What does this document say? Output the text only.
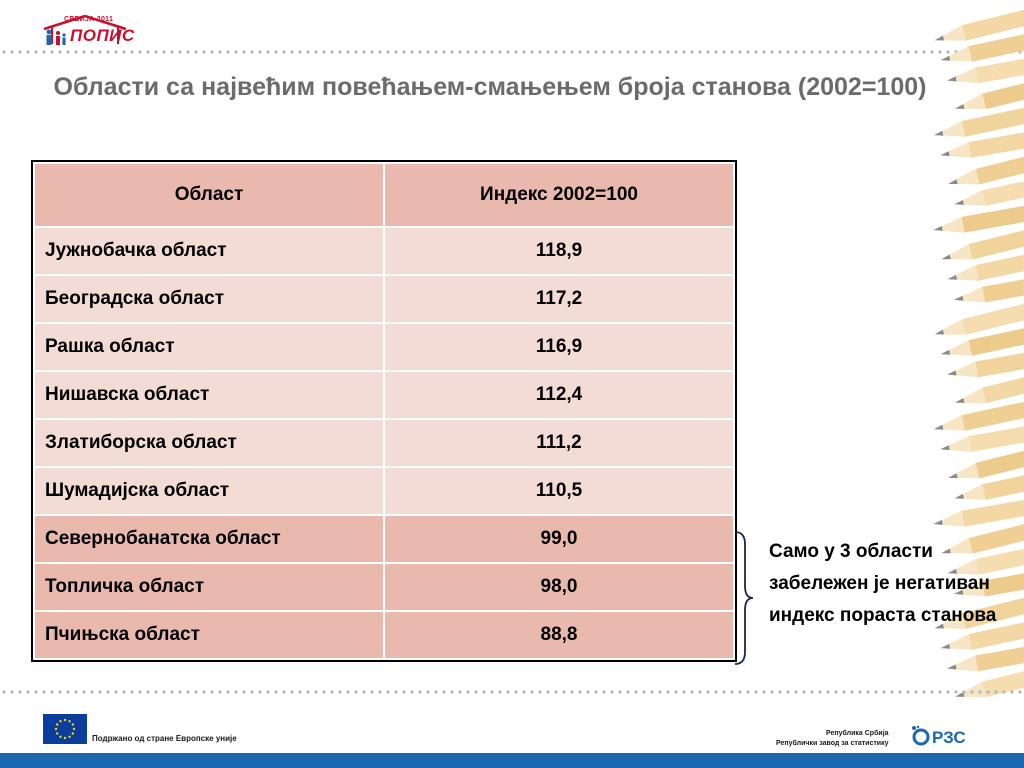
СРБИЈА 2011
ПОПИС
Области са највећим повећањем-смањењем броја станова (2002=100)
Област	Индекс 2002=100
Јужнобачка област	118,9
Београдска област	117,2
Рашка област	116,9
Нишавска област	112,4
Златиборска област	111,2
Шумадијска област	110,5
Севернобанатска област	99,0
Топличка област	98,0
Пчињска област	88,8
Само у 3 области забележен је негативан индекс пораста станова
Подржано од стране Европске уније
Република Србија
Републички завод за статистику	РЗС
